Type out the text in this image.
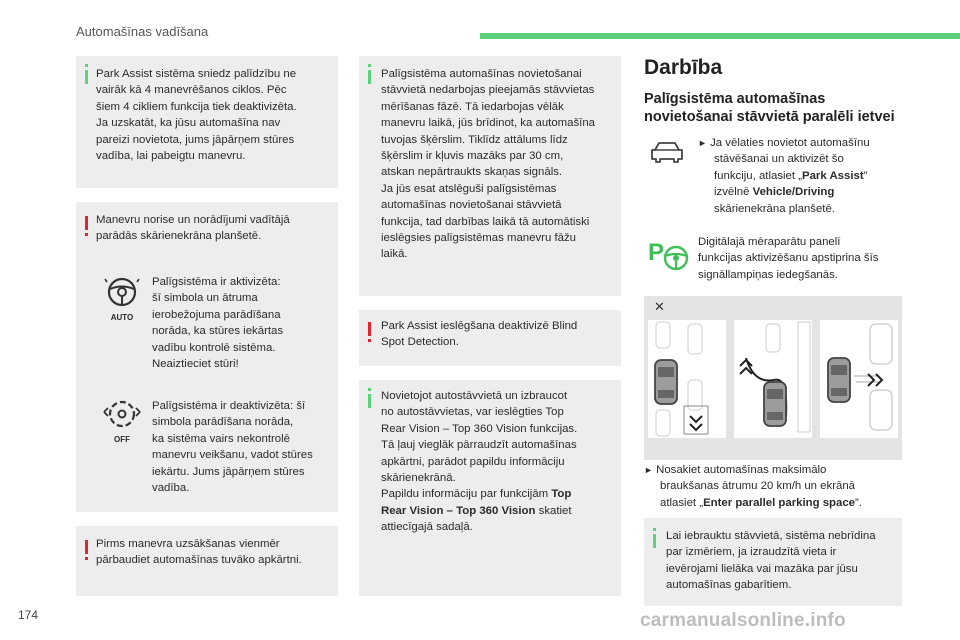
Automašīnas vadīšana
Park Assist sistēma sniedz palīdzību ne
vairāk kā 4 manevrēšanos ciklos. Pēc
šiem 4 cikliem funkcija tiek deaktivizēta.
Ja uzskatāt, ka jūsu automašīna nav
pareizi novietota, jums jāpārņem stūres
vadība, lai pabeigtu manevru.
Manevru norise un norādījumi vadītājā
parādās skārienekrāna planšetē.
AUTO
Palīgsistēma ir aktivizēta:
šī simbola un ātruma
ierobežojuma parādīšana
norāda, ka stūres iekārtas
vadību kontrolē sistēma.
Neaiztieciet stūri!
OFF
Palīgsistēma ir deaktivizēta: šī
simbola parādīšana norāda,
ka sistēma vairs nekontrolē
manevru veikšanu, vadot stūres
iekārtu. Jums jāpārņem stūres
vadība.
Pirms manevra uzsākšanas vienmēr
pārbaudiet automašīnas tuvāko apkārtni.
Palīgsistēma automašīnas novietošanai
stāvvietā nedarbojas pieejamās stāvvietas
mērīšanas fāzē. Tā iedarbojas vēlāk
manevru laikā, jūs brīdinot, ka automašīna
tuvojas šķērslim. Tiklīdz attālums līdz
šķērslim ir kļuvis mazāks par 30 cm,
atskan nepārtraukts skaņas signāls.
Ja jūs esat atslēguši palīgsistēmas
automašīnas novietošanai stāvvietā
funkcija, tad darbības laikā tā automātiski
ieslēgsies palīgsistēmas manevru fāžu
laikā.
Park Assist ieslēgšana deaktivizē Blind
Spot Detection.
Novietojot autostāvvietā un izbraucot
no autostāvvietas, var ieslēgties Top
Rear Vision – Top 360 Vision funkcijas.
Tā ļauj vieglāk pārraudzīt automašīnas
apkārtni, parādot papildu informāciju
skārienekrānā.
Papildu informāciju par funkcijām Top
Rear Vision – Top 360 Vision skatiet
attiecīgajā sadaļā.
Darbība
Palīgsistēma automašīnas
novietošanai stāvvietā paralēli ietvei
► Ja vēlaties novietot automašīnu
stāvēšanai un aktivizēt šo
funkciju, atlasiet „Park Assist”
izvēlnē Vehicle/Driving
skārienekrāna planšetē.
P	Digitālajā mēraparātu panelī
funkcijas aktivizēšanu apstiprina šīs
signāllampiņas iedegšanās.
✕
► Nosakiet automašīnas maksimālo
braukšanas ātrumu 20 km/h un ekrānā
atlasiet „Enter parallel parking space”.
Lai iebrauktu stāvvietā, sistēma nebrīdina
par izmēriem, ja izraudzītā vieta ir
ievērojami lielāka vai mazāka par jūsu
automašīnas gabarītiem.
174	carmanualsonline.info
